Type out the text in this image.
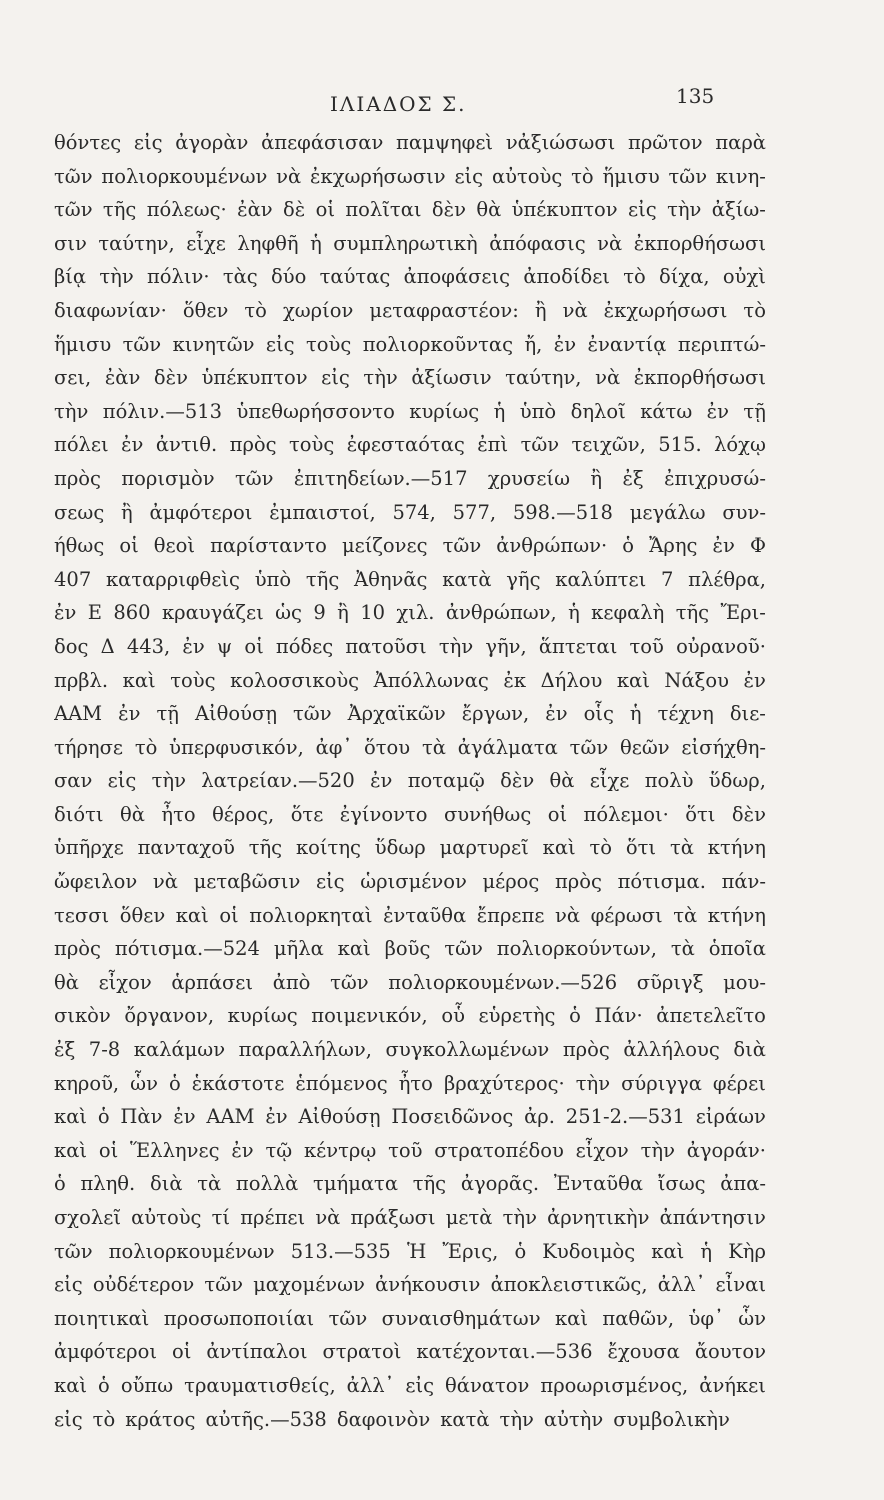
ΙΛΙΑΔΟΣ Σ.	135
θόντες εἰς ἀγορὰν ἀπεφάσισαν παμψηφεὶ νἀξιώσωσι πρῶτον παρὰ
τῶν πολιορκουμένων νὰ ἐκχωρήσωσιν εἰς αὐτοὺς τὸ ἥμισυ τῶν κινη-
τῶν τῆς πόλεως· ἐὰν δὲ οἱ πολῖται δὲν θὰ ὑπέκυπτον εἰς τὴν ἀξίω-
σιν ταύτην, εἶχε ληφθῆ ἡ συμπληρωτικὴ ἀπόφασις νὰ ἐκπορθήσωσι
βίᾳ τὴν πόλιν· τὰς δύο ταύτας ἀποφάσεις ἀποδίδει τὸ δίχα, οὐχὶ
διαφωνίαν· ὅθεν τὸ χωρίον μεταφραστέον: ἢ νὰ ἐκχωρήσωσι τὸ
ἥμισυ τῶν κινητῶν εἰς τοὺς πολιορκοῦντας ἤ, ἐν ἐναντίᾳ περιπτώ-
σει, ἐὰν δὲν ὑπέκυπτον εἰς τὴν ἀξίωσιν ταύτην, νὰ ἐκπορθήσωσι
τὴν πόλιν.—513 ὑπεθωρήσσοντο κυρίως ἡ ὑπὸ δηλοῖ κάτω ἐν τῇ
πόλει ἐν ἀντιθ. πρὸς τοὺς ἐφεσταότας ἐπὶ τῶν τειχῶν, 515. λόχῳ
πρὸς πορισμὸν τῶν ἐπιτηδείων.—517 χρυσείω ἢ ἐξ ἐπιχρυσώ-
σεως ἢ ἀμφότεροι ἐμπαιστοί, 574, 577, 598.—518 μεγάλω συν-
ήθως οἱ θεοὶ παρίσταντο μείζονες τῶν ἀνθρώπων· ὁ Ἄρης ἐν Φ
407 καταρριφθεὶς ὑπὸ τῆς Ἀθηνᾶς κατὰ γῆς καλύπτει 7 πλέθρα,
ἐν Ε 860 κραυγάζει ὡς 9 ἢ 10 χιλ. ἀνθρώπων, ἡ κεφαλὴ τῆς Ἔρι-
δος Δ 443, ἐν ψ οἱ πόδες πατοῦσι τὴν γῆν, ἅπτεται τοῦ οὐρανοῦ·
πρβλ. καὶ τοὺς κολοσσικοὺς Ἀπόλλωνας ἐκ Δήλου καὶ Νάξου ἐν
ΑΑΜ ἐν τῇ Αἰθούσῃ τῶν Ἀρχαϊκῶν ἔργων, ἐν οἷς ἡ τέχνη διε-
τήρησε τὸ ὑπερφυσικόν, ἀφ᾽ ὅτου τὰ ἀγάλματα τῶν θεῶν εἰσήχθη-
σαν εἰς τὴν λατρείαν.—520 ἐν ποταμῷ δὲν θὰ εἶχε πολὺ ὕδωρ,
διότι θὰ ἦτο θέρος, ὅτε ἐγίνοντο συνήθως οἱ πόλεμοι· ὅτι δὲν
ὑπῆρχε πανταχοῦ τῆς κοίτης ὕδωρ μαρτυρεῖ καὶ τὸ ὅτι τὰ κτήνη
ὤφειλον νὰ μεταβῶσιν εἰς ὡρισμένον μέρος πρὸς πότισμα. πάν-
τεσσι ὅθεν καὶ οἱ πολιορκηταὶ ἐνταῦθα ἔπρεπε νὰ φέρωσι τὰ κτήνη
πρὸς πότισμα.—524 μῆλα καὶ βοῦς τῶν πολιορκούντων, τὰ ὁποῖα
θὰ εἶχον ἁρπάσει ἀπὸ τῶν πολιορκουμένων.—526 σῦριγξ μου-
σικὸν ὄργανον, κυρίως ποιμενικόν, οὗ εὑρετὴς ὁ Πάν· ἀπετελεῖτο
ἐξ 7-8 καλάμων παραλλήλων, συγκολλωμένων πρὸς ἀλλήλους διὰ
κηροῦ, ὧν ὁ ἑκάστοτε ἑπόμενος ἦτο βραχύτερος· τὴν σύριγγα φέρει
καὶ ὁ Πὰν ἐν ΑΑΜ ἐν Αἰθούσῃ Ποσειδῶνος ἀρ. 251-2.—531 εἰράων
καὶ οἱ Ἕλληνες ἐν τῷ κέντρῳ τοῦ στρατοπέδου εἶχον τὴν ἀγοράν·
ὁ πληθ. διὰ τὰ πολλὰ τμήματα τῆς ἀγορᾶς. Ἐνταῦθα ἴσως ἀπα-
σχολεῖ αὐτοὺς τί πρέπει νὰ πράξωσι μετὰ τὴν ἀρνητικὴν ἀπάντησιν
τῶν πολιορκουμένων 513.—535 Ἡ Ἔρις, ὁ Κυδοιμὸς καὶ ἡ Κὴρ
εἰς οὐδέτερον τῶν μαχομένων ἀνήκουσιν ἀποκλειστικῶς, ἀλλ᾽ εἶναι
ποιητικαὶ προσωποποιίαι τῶν συναισθημάτων καὶ παθῶν, ὑφ᾽ ὧν
ἀμφότεροι οἱ ἀντίπαλοι στρατοὶ κατέχονται.—536 ἔχουσα ἄουτον
καὶ ὁ οὔπω τραυματισθείς, ἀλλ᾽ εἰς θάνατον προωρισμένος, ἀνήκει
εἰς τὸ κράτος αὐτῆς.—538 δαφοινὸν κατὰ τὴν αὐτὴν συμβολικὴν
